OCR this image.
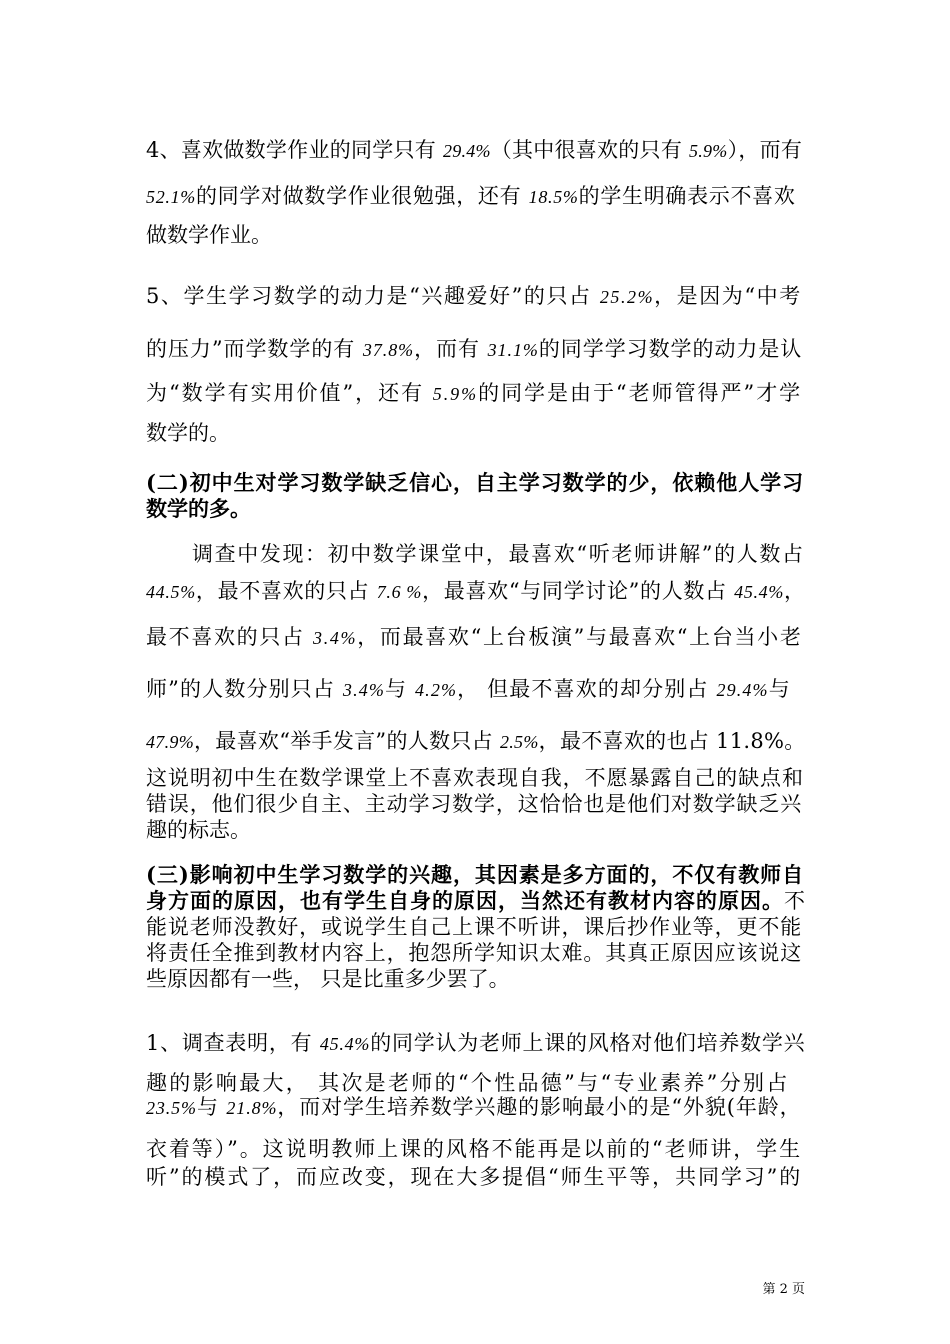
4、喜欢做数学作业的同学只有 29.4%（其中很喜欢的只有 5.9%），而有
52.1%的同学对做数学作业很勉强，还有 18.5%的学生明确表示不喜欢
做数学作业。
5、学生学习数学的动力是“兴趣爱好”的只占 25.2%，是因为“中考
的压力”而学数学的有 37.8%，而有 31.1%的同学学习数学的动力是认
为“数学有实用价值”，还有 5.9%的同学是由于“老师管得严”才学
数学的。
(二)初中生对学习数学缺乏信心，自主学习数学的少，依赖他人学习
数学的多。
调查中发现：初中数学课堂中，最喜欢“听老师讲解”的人数占
44.5%，最不喜欢的只占 7.6 %，最喜欢“与同学讨论”的人数占 45.4%，
最不喜欢的只占 3.4%，而最喜欢“上台板演”与最喜欢“上台当小老
师”的人数分别只占 3.4%与 4.2%， 但最不喜欢的却分别占 29.4%与
47.9%，最喜欢“举手发言”的人数只占 2.5%，最不喜欢的也占 11.8%。
这说明初中生在数学课堂上不喜欢表现自我，不愿暴露自己的缺点和
错误，他们很少自主、主动学习数学，这恰恰也是他们对数学缺乏兴
趣的标志。
(三)影响初中生学习数学的兴趣，其因素是多方面的，不仅有教师自
身方面的原因，也有学生自身的原因，当然还有教材内容的原因。不
能说老师没教好，或说学生自己上课不听讲，课后抄作业等，更不能
将责任全推到教材内容上，抱怨所学知识太难。其真正原因应该说这
些原因都有一些， 只是比重多少罢了。
1、调查表明，有 45.4%的同学认为老师上课的风格对他们培养数学兴
趣的影响最大， 其次是老师的“个性品德”与“专业素养”分别占
23.5%与 21.8%，而对学生培养数学兴趣的影响最小的是“外貌(年龄，
衣着等）”。这说明教师上课的风格不能再是以前的“老师讲，学生
听”的模式了，而应改变，现在大多提倡“师生平等，共同学习”的
第 2 页
